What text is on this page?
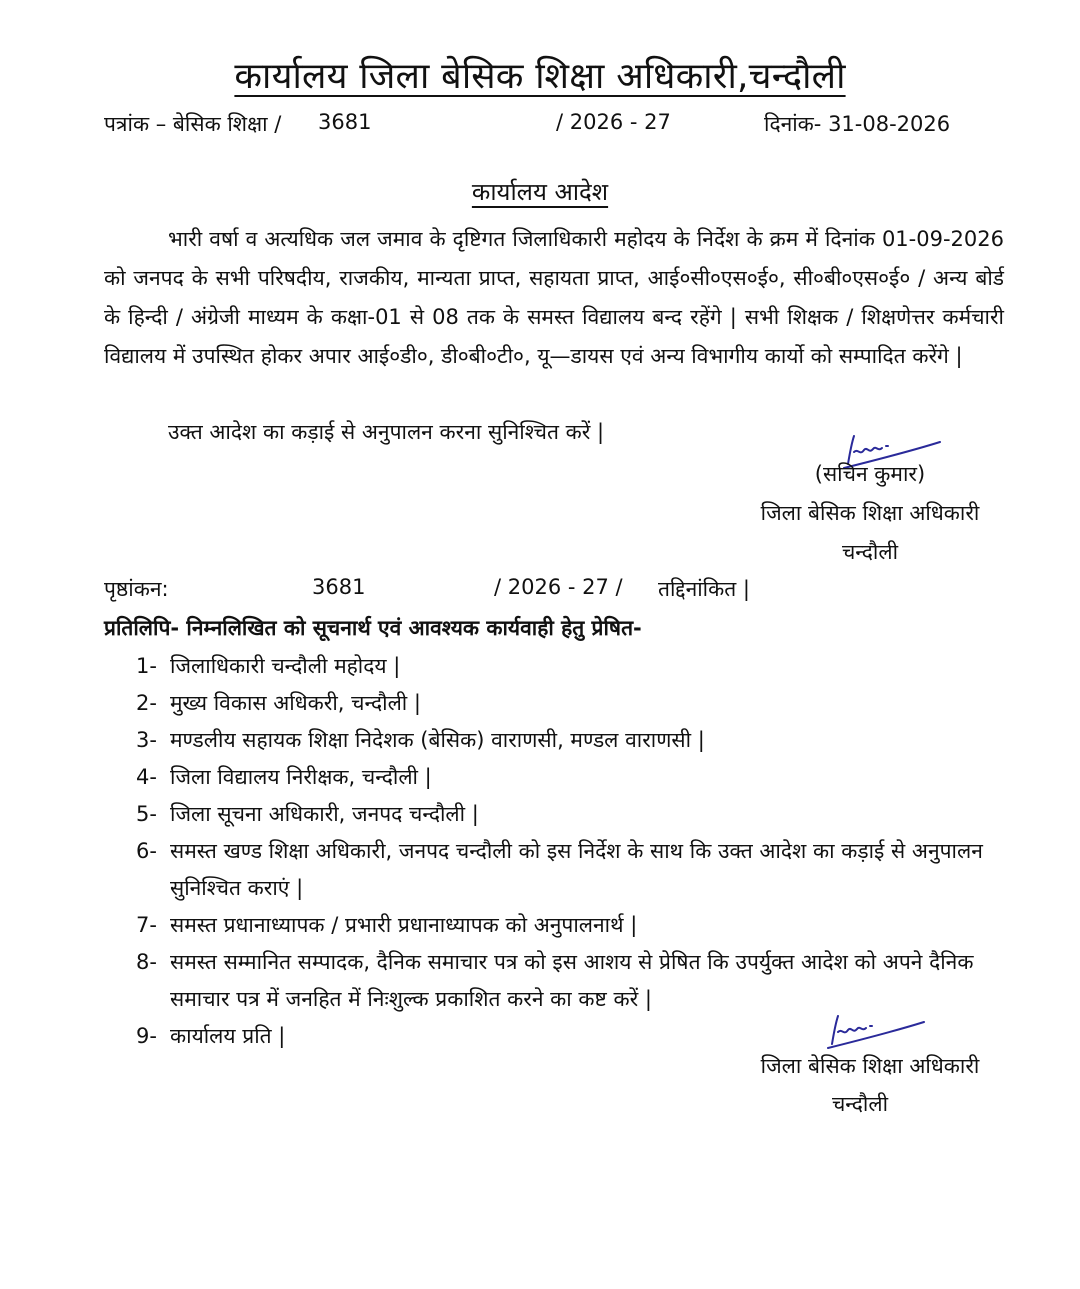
कार्यालय जिला बेसिक शिक्षा अधिकारी,चन्दौली
पत्रांक – बेसिक शिक्षा / 3681	/ 2026 - 27	दिनांक- 31-08-2026
कार्यालय आदेश

भारी वर्षा व अत्यधिक जल जमाव के दृष्टिगत जिलाधिकारी महोदय के निर्देश के क्रम में दिनांक 01-09-2026 को जनपद के सभी परिषदीय, राजकीय, मान्यता प्राप्त, सहायता प्राप्त, आई०सी०एस०ई०, सी०बी०एस०ई० / अन्य बोर्ड के हिन्दी / अंग्रेजी माध्यम के कक्षा-01 से 08 तक के समस्त विद्यालय बन्द रहेंगे | सभी शिक्षक / शिक्षणेत्तर कर्मचारी विद्यालय में उपस्थित होकर अपार आई०डी०, डी०बी०टी०, यू—डायस एवं अन्य विभागीय कार्यो को सम्पादित करेंगे |

उक्त आदेश का कड़ाई से अनुपालन करना सुनिश्चित करें |
(सचिन कुमार)
जिला बेसिक शिक्षा अधिकारी
चन्दौली
पृष्ठांकन:	3681	/ 2026 - 27 / तद्दिनांकित |
प्रतिलिपि- निम्नलिखित को सूचनार्थ एवं आवश्यक कार्यवाही हेतु प्रेषित-
1- जिलाधिकारी चन्दौली महोदय |
2- मुख्य विकास अधिकरी, चन्दौली |
3- मण्डलीय सहायक शिक्षा निदेशक (बेसिक) वाराणसी, मण्डल वाराणसी |
4- जिला विद्यालय निरीक्षक, चन्दौली |
5- जिला सूचना अधिकारी, जनपद चन्दौली |
6- समस्त खण्ड शिक्षा अधिकारी, जनपद चन्दौली को इस निर्देश के साथ कि उक्त आदेश का कड़ाई से अनुपालन सुनिश्चित कराएं |
7- समस्त प्रधानाध्यापक / प्रभारी प्रधानाध्यापक को अनुपालनार्थ |
8- समस्त सम्मानित सम्पादक, दैनिक समाचार पत्र को इस आशय से प्रेषित कि उपर्युक्त आदेश को अपने दैनिक समाचार पत्र में जनहित में निःशुल्क प्रकाशित करने का कष्ट करें |
9- कार्यालय प्रति |
जिला बेसिक शिक्षा अधिकारी
चन्दौली
